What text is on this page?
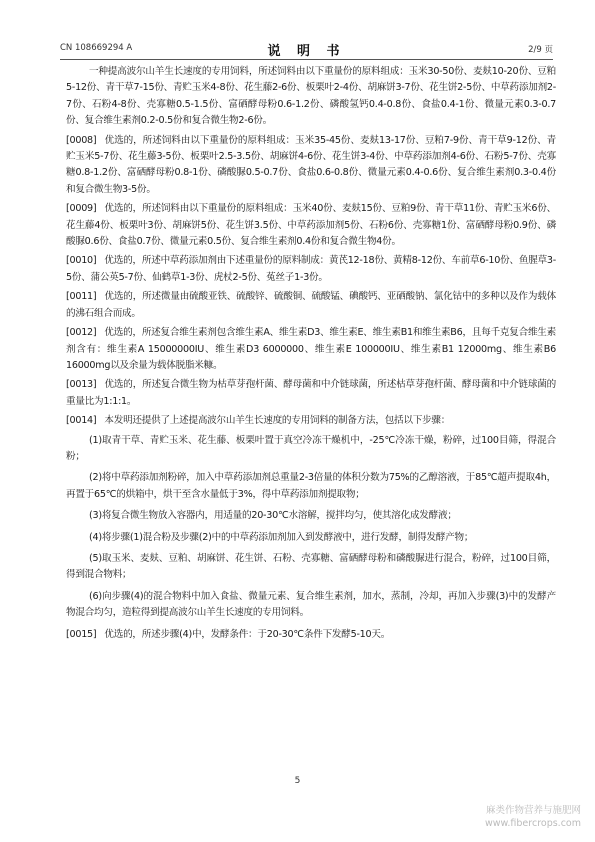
CN 108669294 A	说 明 书	2/9 页

一种提高波尔山羊生长速度的专用饲料，所述饲料由以下重量份的原料组成：玉米30-50份、麦麸10-20份、豆粕5-12份、青干草7-15份、青贮玉米4-8份、花生藤2-6份、板栗叶2-4份、胡麻饼3-7份、花生饼2-5份、中草药添加剂2-7份、石粉4-8份、壳寡糖0.5-1.5份、富硒酵母粉0.6-1.2份、磷酸氢钙0.4-0.8份、食盐0.4-1份、微量元素0.3-0.7份、复合维生素剂0.2-0.5份和复合微生物2-6份。

[0008] 优选的，所述饲料由以下重量份的原料组成：玉米35-45份、麦麸13-17份、豆粕7-9份、青干草9-12份、青贮玉米5-7份、花生藤3-5份、板栗叶2.5-3.5份、胡麻饼4-6份、花生饼3-4份、中草药添加剂4-6份、石粉5-7份、壳寡糖0.8-1.2份、富硒酵母粉0.8-1份、磷酸脲0.5-0.7份、食盐0.6-0.8份、微量元素0.4-0.6份、复合维生素剂0.3-0.4份和复合微生物3-5份。

[0009] 优选的，所述饲料由以下重量份的原料组成：玉米40份、麦麸15份、豆粕9份、青干草11份、青贮玉米6份、花生藤4份、板栗叶3份、胡麻饼5份、花生饼3.5份、中草药添加剂5份、石粉6份、壳寡糖1份、富硒酵母粉0.9份、磷酸脲0.6份、食盐0.7份、微量元素0.5份、复合维生素剂0.4份和复合微生物4份。

[0010] 优选的，所述中草药添加剂由下述重量份的原料制成：黄芪12-18份、黄精8-12份、车前草6-10份、鱼腥草3-5份、蒲公英5-7份、仙鹤草1-3份、虎杖2-5份、菟丝子1-3份。

[0011] 优选的，所述微量由硫酸亚铁、硫酸锌、硫酸铜、硫酸锰、碘酸钙、亚硒酸钠、氯化钴中的多种以及作为载体的沸石组合而成。

[0012] 优选的，所述复合维生素剂包含维生素A、维生素D3、维生素E、维生素B1和维生素B6，且每千克复合维生素剂含有：维生素A 15000000IU、维生素D3 6000000、维生素E 100000IU、维生素B1 12000mg、维生素B6 16000mg以及余量为载体脱脂米糠。

[0013] 优选的，所述复合微生物为枯草芽孢杆菌、酵母菌和中介链球菌，所述枯草芽孢杆菌、酵母菌和中介链球菌的重量比为1:1:1。

[0014] 本发明还提供了上述提高波尔山羊生长速度的专用饲料的制备方法，包括以下步骤：

(1)取青干草、青贮玉米、花生藤、板栗叶置于真空冷冻干燥机中，-25℃冷冻干燥，粉碎，过100目筛，得混合粉；

(2)将中草药添加剂粉碎，加入中草药添加剂总重量2-3倍量的体积分数为75%的乙醇溶液，于85℃超声提取4h，再置于65℃的烘箱中，烘干至含水量低于3%，得中草药添加剂提取物；

(3)将复合微生物放入容器内，用适量的20-30℃水溶解，搅拌均匀，使其溶化成发酵液；

(4)将步骤(1)混合粉及步骤(2)中的中草药添加剂加入到发酵液中，进行发酵，制得发酵产物；

(5)取玉米、麦麸、豆粕、胡麻饼、花生饼、石粉、壳寡糖、富硒酵母粉和磷酸脲进行混合，粉碎，过100目筛，得到混合物料；

(6)向步骤(4)的混合物料中加入食盐、微量元素、复合维生素剂，加水，蒸制，冷却，再加入步骤(3)中的发酵产物混合均匀，造粒得到提高波尔山羊生长速度的专用饲料。

[0015] 优选的，所述步骤(4)中，发酵条件：于20-30℃条件下发酵5-10天。

5
麻类作物营养与施肥网
www.fibercrops.com
